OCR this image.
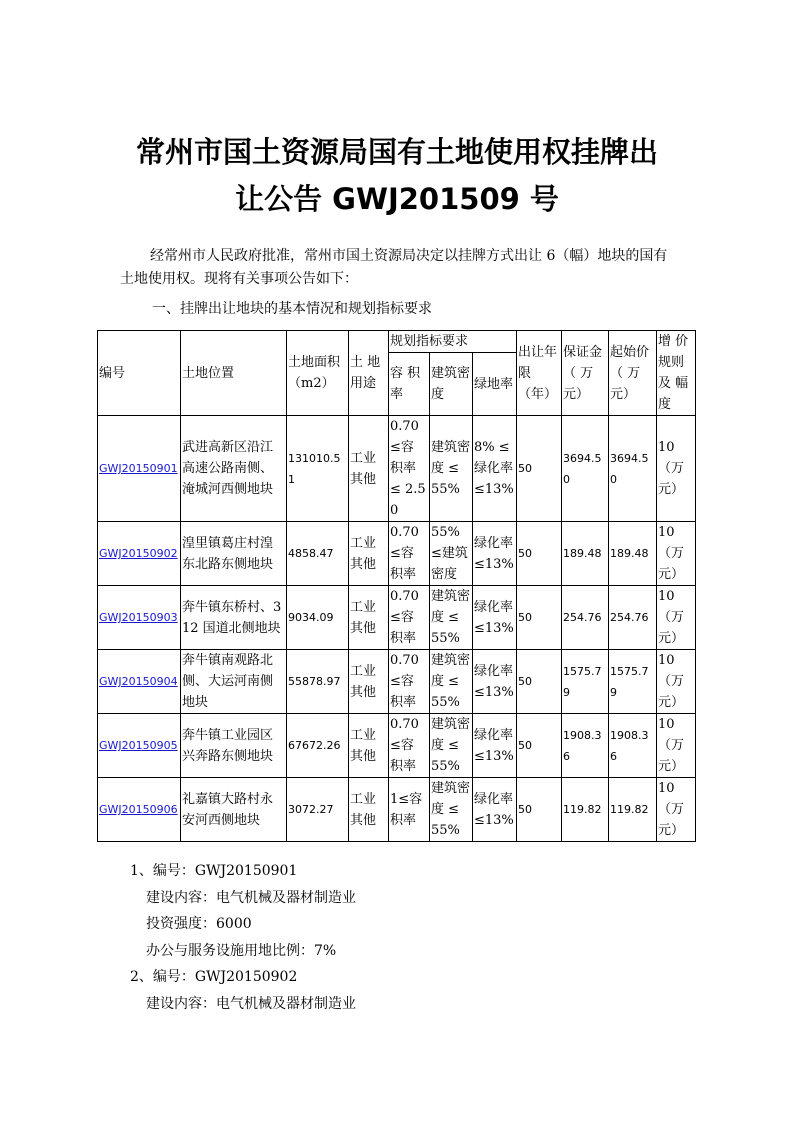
常州市国土资源局国有土地使用权挂牌出
让公告 GWJ201509 号
经常州市人民政府批准，常州市国土资源局决定以挂牌方式出让 6（幅）地块的国有土地使用权。现将有关事项公告如下：
一、挂牌出让地块的基本情况和规划指标要求
编号	土地位置	土地面积（m2）	土 地用途	规划指标要求			出让年限（年）	保证金（ 万元）	起始价（ 万元）	增 价规则及 幅度
				容 积率	建筑密度	绿地率				
GWJ20150901	武进高新区沿江高速公路南侧、淹城河西侧地块	131010.51	工业其他	0.70≤容 积率 ≤ 2.50	建筑密度 ≤ 55%	8% ≤ 绿化率 ≤13%	50	3694.50	3694.50	10（万元）
GWJ20150902	湟里镇葛庄村湟东北路东侧地块	4858.47	工业其他	0.70≤容 积率	55% ≤建筑密度	绿化率≤13%	50	189.48	189.48	10（万元）
GWJ20150903	奔牛镇东桥村、312 国道北侧地块	9034.09	工业其他	0.70≤容 积率	建筑密度 ≤ 55%	绿化率≤13%	50	254.76	254.76	10（万元）
GWJ20150904	奔牛镇南观路北侧、大运河南侧地块	55878.97	工业其他	0.70≤容 积率	建筑密度 ≤ 55%	绿化率≤13%	50	1575.79	1575.79	10（万元）
GWJ20150905	奔牛镇工业园区兴奔路东侧地块	67672.26	工业其他	0.70≤容 积率	建筑密度 ≤ 55%	绿化率≤13%	50	1908.36	1908.36	10（万元）
GWJ20150906	礼嘉镇大路村永安河西侧地块	3072.27	工业其他	1≤容积率	建筑密度 ≤ 55%	绿化率≤13%	50	119.82	119.82	10（万元）
1、编号：GWJ20150901
建设内容：电气机械及器材制造业
投资强度：6000
办公与服务设施用地比例：7%
2、编号：GWJ20150902
建设内容：电气机械及器材制造业
